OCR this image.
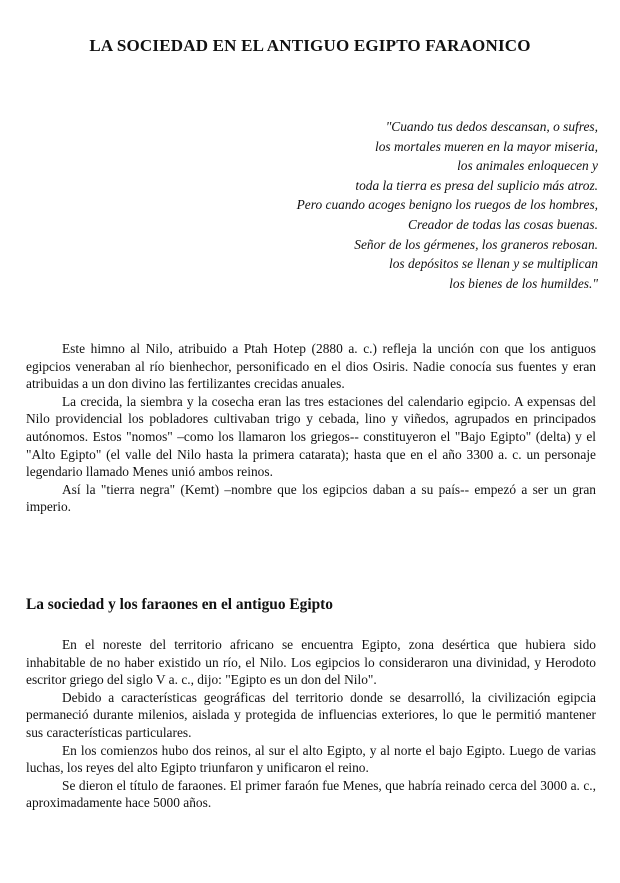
LA SOCIEDAD EN EL ANTIGUO EGIPTO FARAONICO
"Cuando tus dedos descansan, o sufres,
los mortales mueren en la mayor miseria,
los animales enloquecen y
toda la tierra es presa del suplicio más atroz.
Pero cuando acoges benigno los ruegos de los hombres,
Creador de todas las cosas buenas.
Señor de los gérmenes, los graneros rebosan.
los depósitos se llenan y se multiplican
los bienes de los humildes."

Este himno al Nilo, atribuido a Ptah Hotep (2880 a. c.) refleja la unción con que los antiguos egipcios veneraban al río bienhechor, personificado en el dios Osiris. Nadie conocía sus fuentes y eran atribuidas a un don divino las fertilizantes crecidas anuales.

La crecida, la siembra y la cosecha eran las tres estaciones del calendario egipcio. A expensas del Nilo providencial los pobladores cultivaban trigo y cebada, lino y viñedos, agrupados en principados autónomos. Estos "nomos" –como los llamaron los griegos-- constituyeron el "Bajo Egipto" (delta) y el "Alto Egipto" (el valle del Nilo hasta la primera catarata); hasta que en el año 3300 a. c. un personaje legendario llamado Menes unió ambos reinos.

Así la "tierra negra" (Kemt) –nombre que los egipcios daban a su país-- empezó a ser un gran imperio.

La sociedad y los faraones en el antiguo Egipto

En el noreste del territorio africano se encuentra Egipto, zona desértica que hubiera sido inhabitable de no haber existido un río, el Nilo. Los egipcios lo consideraron una divinidad, y Herodoto escritor griego del siglo V a. c., dijo: "Egipto es un don del Nilo".

Debido a características geográficas del territorio donde se desarrolló, la civilización egipcia permaneció durante milenios, aislada y protegida de influencias exteriores, lo que le permitió mantener sus características particulares.

En los comienzos hubo dos reinos, al sur el alto Egipto, y al norte el bajo Egipto. Luego de varias luchas, los reyes del alto Egipto triunfaron y unificaron el reino.

Se dieron el título de faraones. El primer faraón fue Menes, que habría reinado cerca del 3000 a. c., aproximadamente hace 5000 años.
